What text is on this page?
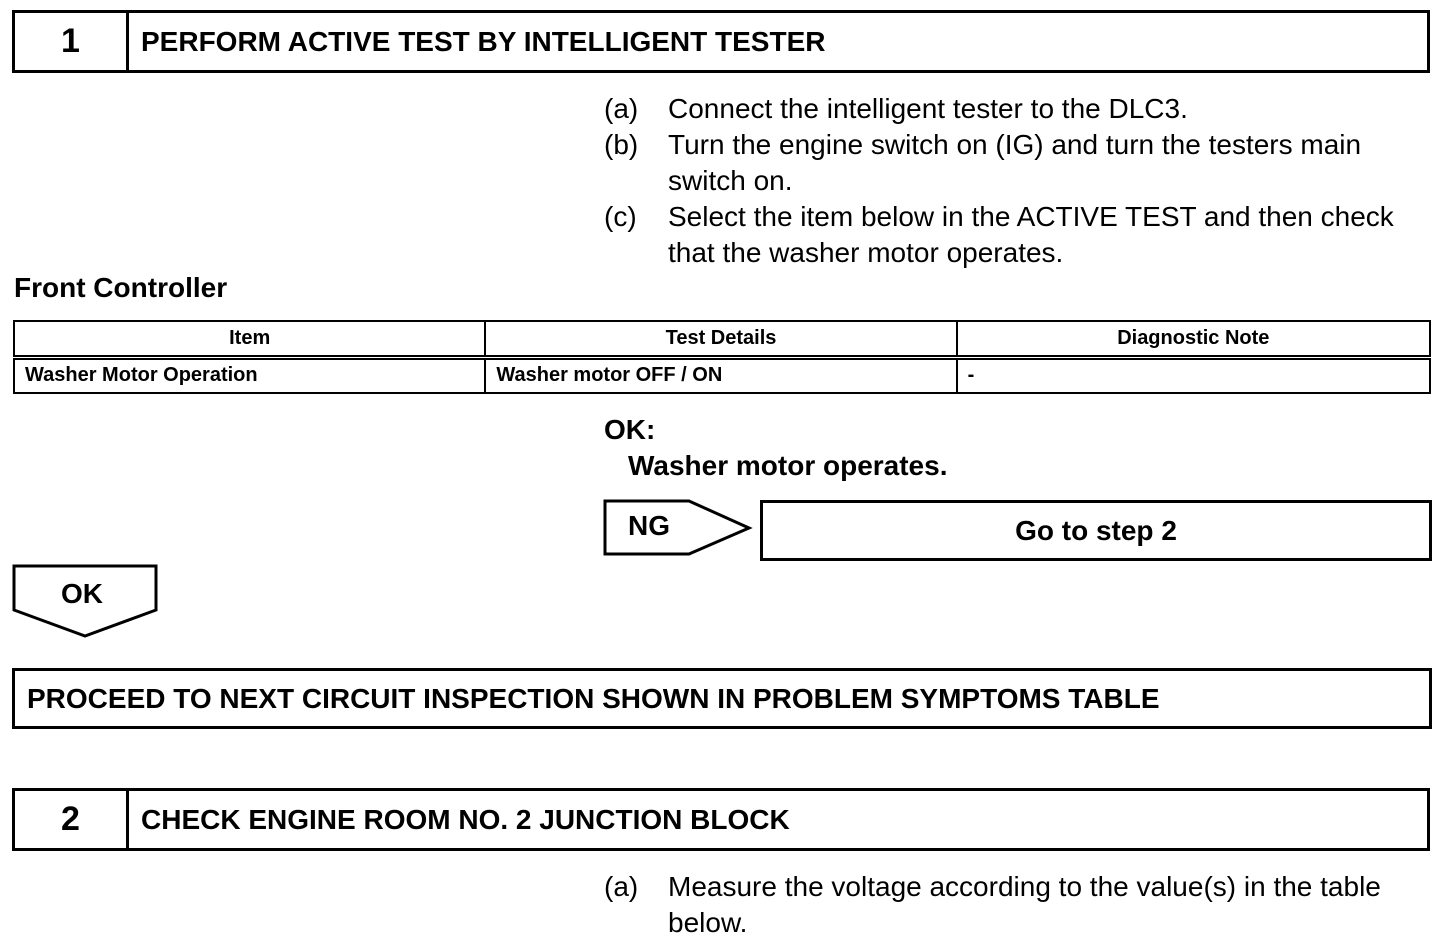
1	PERFORM ACTIVE TEST BY INTELLIGENT TESTER
(a)	Connect the intelligent tester to the DLC3.
(b)	Turn the engine switch on (IG) and turn the testers main switch on.
(c)	Select the item below in the ACTIVE TEST and then check that the washer motor operates.
Front Controller
Item	Test Details	Diagnostic Note
Washer Motor Operation	Washer motor OFF / ON	-
OK:
Washer motor operates.
NG	Go to step 2
OK
PROCEED TO NEXT CIRCUIT INSPECTION SHOWN IN PROBLEM SYMPTOMS TABLE
2	CHECK ENGINE ROOM NO. 2 JUNCTION BLOCK
(a)	Measure the voltage according to the value(s) in the table below.
